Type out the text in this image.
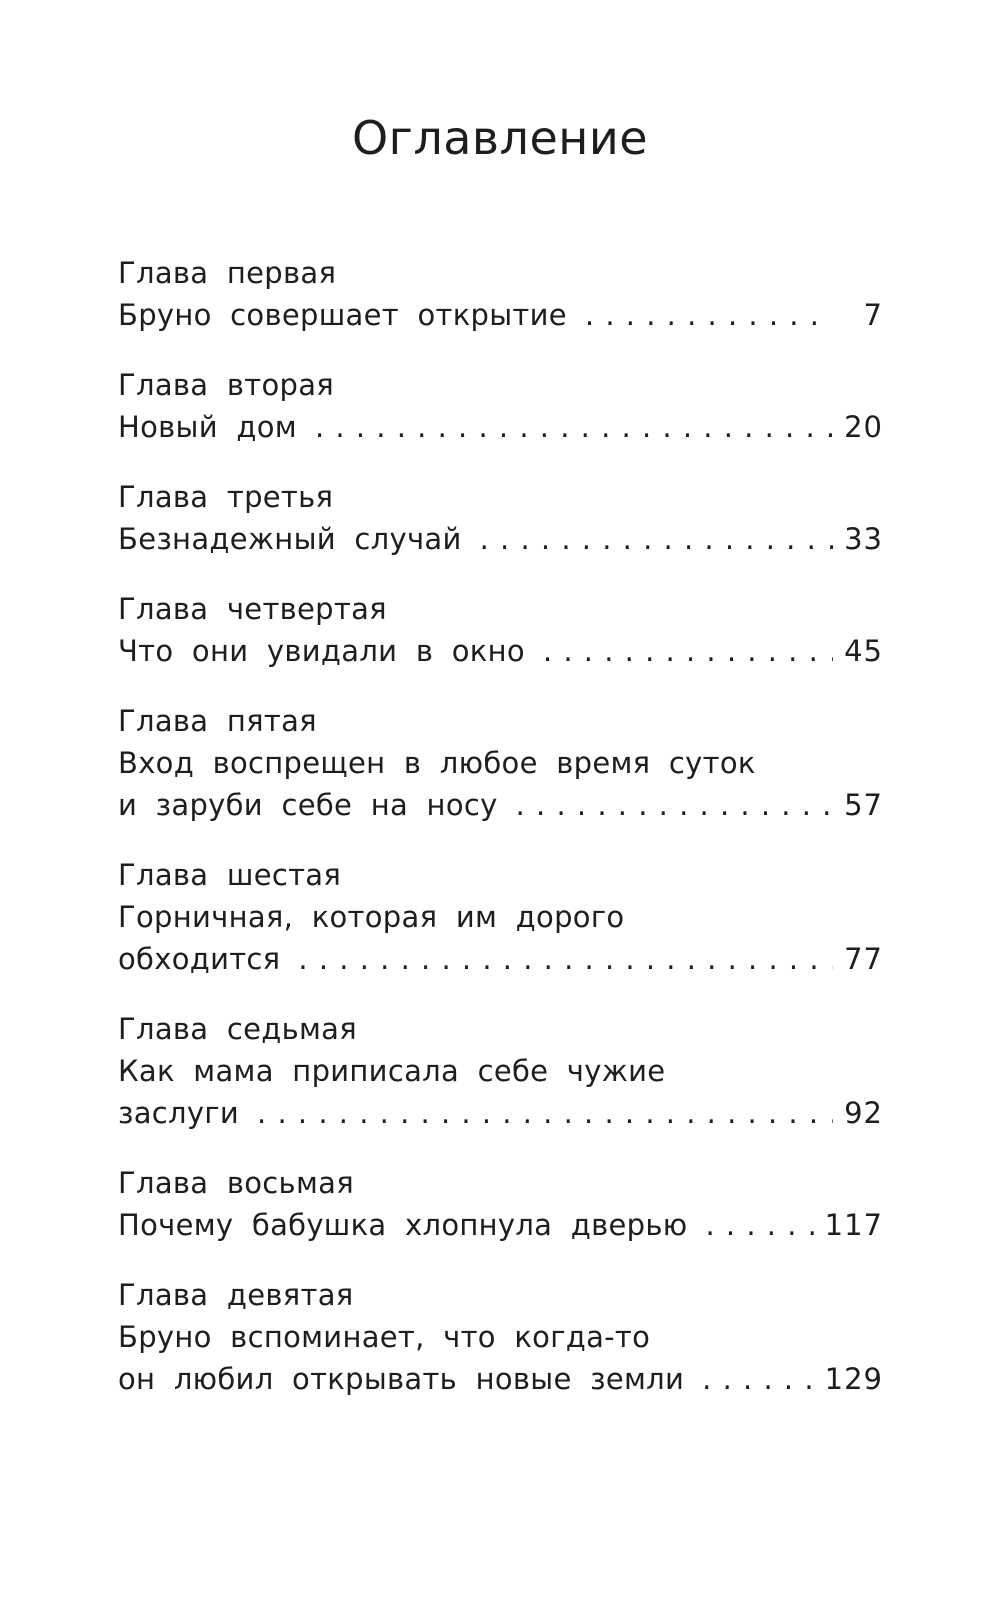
Оглавление
Глава первая
Бруно совершает открытие . . .	7
Глава вторая
Новый дом . . .	20
Глава третья
Безнадежный случай . . .	33
Глава четвертая
Что они увидали в окно . . .	45
Глава пятая
Вход воспрещен в любое время суток
и заруби себе на носу . . .	57
Глава шестая
Горничная, которая им дорого
обходится . . .	77
Глава седьмая
Как мама приписала себе чужие
заслуги . . .	92
Глава восьмая
Почему бабушка хлопнула дверью . . .	117
Глава девятая
Бруно вспоминает, что когда-то
он любил открывать новые земли . . .	129
